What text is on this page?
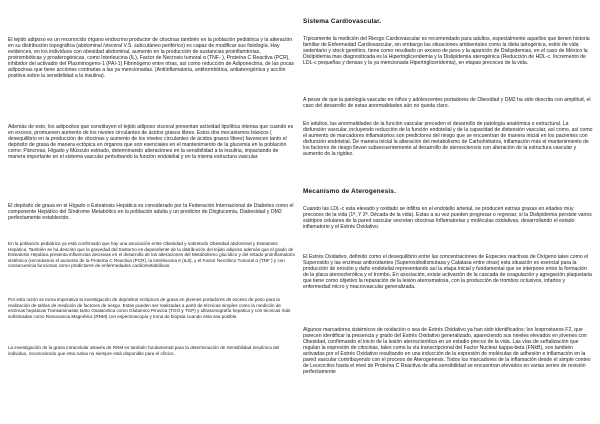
El tejido adiposo es un reconocido órgano endocrino productor de citocinas también en la población pediátrica y la alteración en su distribución topográfica (abdominal /visceral V.S. subcutáneo periférico) es capaz de modificar sus fisiología. Hay evidences, en los individuos con obesidad abdominal, aumento en la producción de sustancias proinflamtorias, protrombóticas y proaterogénicas, como Interleucina (IL), Factor de Necrosis tumoral α (TNF- ), Proteína C Reactiva (PCR), inhibidor del activador del Plasminogeno-1 (PAI-1) Fibrinógeno entre otras, así como reducción de Adiponectina, de las pocas adipocinas que tiene acciones contrarias a las ya mencionadas. (Antiinflamatoria, antitrombótica, antiaterogénica y acción positiva sobre la sensibilidad a la insulina).

Además de esto, los adipocitos que constituyen el tejido adiposo visceral presentan actividad lipolítica intensa que cuando es en exceso, promueven aumento de los niveles circulantes de ácidos grasos libres. Estos dos mecanismos básicos ( desequilibrio en la producción de citocinas y aumento de los niveles circulantes de ácidos grasos libres) favorecen tanto el depósito de grasa de manera ectópica en órganos que son esenciales en el mantenimiento de la glucemia en la población como: Páncreas, Hígado y Músculo estriado, determinando alteraciones en la sensibilidad a la insulina, impactando de manera importante en el sistema vascular perturbando la función endotelial y en la misma estructura vascular.

El depósito de grasa en el Hígado o Esteatosis Hepática es considerado por la Federación Internacional de Diabetes como el componente Hepático del Síndrome Metabólico en la población adulta y un predictor de Disglucemia, Diabesidad y DM2 perfectamente establecido.

En la población pediátrica ya está confirmado que hay una asociación entre Obesidad y sobretodo Obesidad abdominal y Esteatosis Hepática. También se ha descrito que la gravedad del trastorno es dependiente de la distribución del tejido adiposo además que el grado de Esteatosis Hepática presenta influencias decisivas en el desarrollo de las alteraciones del Metabolismo glucídico y del estado proinflamatorio sistémico (recordamos el aumento de la Proteína C Reactiva (PCR), la Interleucina 6 (IL6), y el Factor Necrótico Tumoral α (TNF ) y con consecuencia funcionan como predictores de enfermedades cardiometabólicas.

Por esta razón se torna imperativa la investigación de depósitos ectópicos de grasa en jóvenes portadores de exceso de peso para la realización de tablas de medición de factores de riesgo. Estas pueden ser realizadas a partir de técnicas simples como la medición de enzimas hepáticas Transaminasas tanto Oxalacetica como Glutamico Piruvica (TGO y TGP) y ultrasonografía hepática y con técnicas más sofisticadas como Resonancia Magnética (RNM) con espectroscopia y toma de biopsia cuando esta sea posible.

La investigación de la grasa intracelular através de RNM es también fundamental para la determinación de Sensibilidad insulínica del individuo, reconociendo que esta rutina no siempre está disponible para el clínico.

Sistema Cardiovascular.

Típicamente la medición del Riesgo Cardiovascular es recomendado para adultos, especialmente aquellos que tienen historia familiar de Enfermedad Cardiovascular, sin embargo las situaciones ambientales como la dieta iatrogénica, estilo de vida sedentario y stock genético, tiene como resultado un exceso de peso y la aparición de Dislipidemias, en el caso de México la Dislipidemia mas diagnosticada es la Hipertrigliceridemia y la Dislipidemia aterogénica (Reducción de HDL-c. Incremento de LDL-c pequeñas y densas y la ya mencionada Hipertrigliceridemia), en etapas precoces de la vida.

A pesar de que la patología vascular en niños y adolescentes portadores de Obesidad y DM2 ha sido descrita con amplitud, el caso del desarrollo de estas anormalidades aún no queda claro.

En adultos, las anormalidades de la función vascular preceden el desarrollo de patología anatómica o estructural. La disfunción vascular, incluyendo reducción de la función endotelial y de la capacidad de distensión vascular, así como, así como el aumento de marcadores inflamatorios son predictores del riesgo que se encuentran de manera inicial en los pacientes con disfunción endotelial. De manera inicial la alteración del metabolismo de Carbohidratos, inflamación más el mantenimiento de los factores de riesgo llevan subsecuentemente al desarrollo de aterosclerosis con alteración de la estructura vascular y aumento de la rigidez.

Mecanismo de Aterogenesis.

Cuando las LDL-c esta elevado y oxidado se infiltra en el endotelio arterial, se producen estrías grasas en edades muy precoces de la vida (1ª, Y 2ª. Década de la vida). Estas a su vez pueden progresar o regresar, si la Dislipidemia persiste varios subtipos celulares de la pared vascular secretan citocinas Inflamatorias y moléculas oxidativas, desarrollando el estado inflamatorio y el Estrés Oxidativo.

El Estrés Oxidativo, definido como el desequilibrio entre las concentraciones de Especies reactivas de Oxígeno tales como el Superoxido y las enzimas antioxidantes (Superoxidodismutasa y Catalasa entre otras) esta situación es esencial para la producción de erosión y daño endotelial representando así la etapa inicial y fundamental que se interpone entre la formación de la placa aterosclerótica y el trombo. En asociación, existe activación de la cascada de coagulación y agregación plaquetaria que tiene como objetivo la reparación de la lesión aterosmatosa, con la producción de trombos oclusivos, infartos y enfermedad micro y macrovascular generalizada.

Algunos marcadores sistémicos de oxidación o sea de Estrés Oxidativo ya han sido identificados: los Isoprostanos F2, que parecen identificar la presencia y grado del Estrés Oxidativo generalizado, apareciendo sus niveles elevados en jóvenes con Obesidad, confirmando el inicio de la lesión aterosclerótica en un estadio precoz de la vida. Las vías de señalización que regulan la expresión de citocinas, tales como la vía transcripcional del Factor Nuclear kappa-beta (FNkB), son también activadas por el Estrés Oxidativo resultando en una inducción de la expresión de moléculas de adhesión e inflamación en la pared vascular contribuyendo con el proceso de Aterogenesis. Todos los marcadores de la inflamación desde el simple conteo de Leucocitos hasta el nivel de Proteína C Reactiva de alta sensibilidad se encuentran elevados en varias series de revisión perfectamente
